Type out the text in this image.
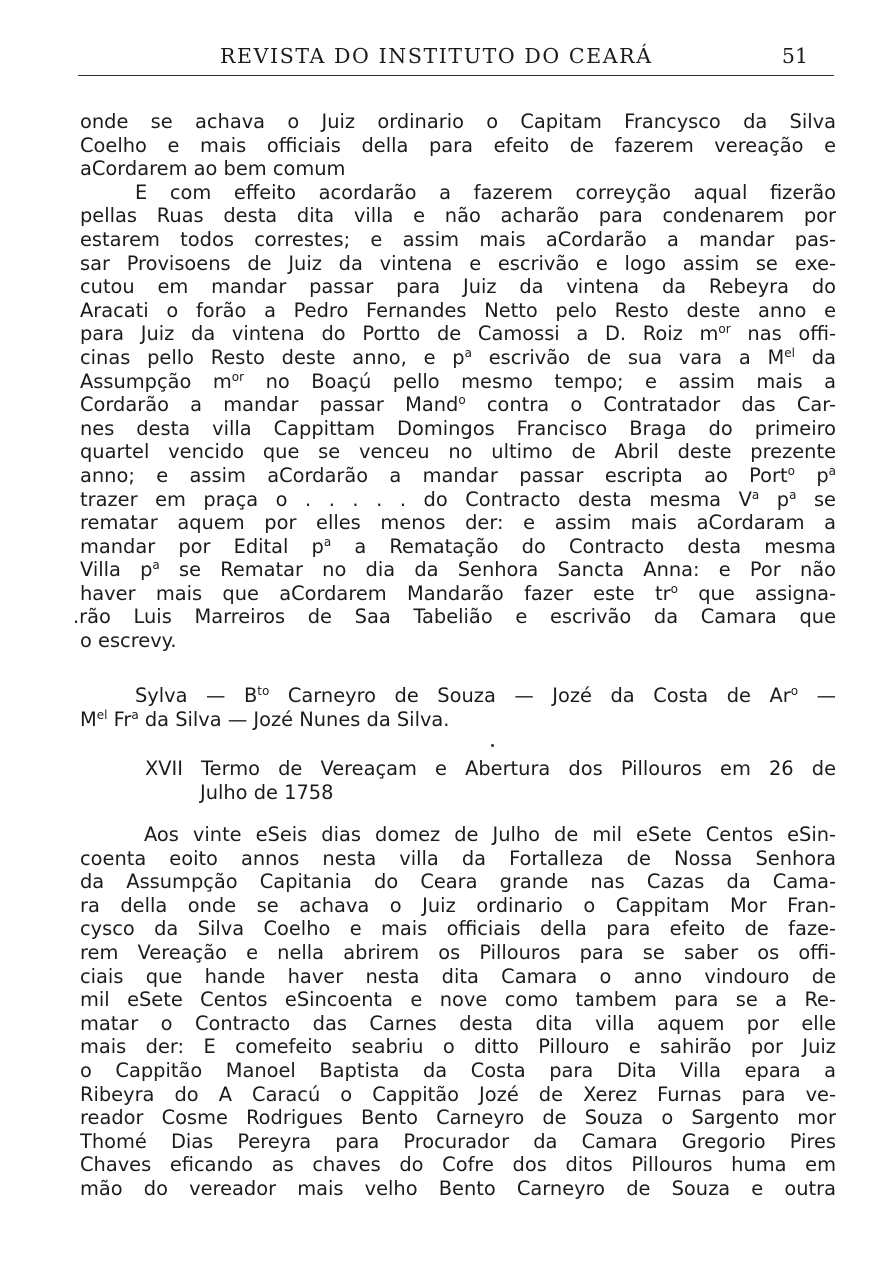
REVISTA DO INSTITUTO DO CEARÁ	51
onde se achava o Juiz ordinario o Capitam Francysco da Silva
Coelho e mais officiais della para efeito de fazerem vereação e
aCordarem ao bem comum
E com effeito acordarão a fazerem correyção aqual fizerão
pellas Ruas desta dita villa e não acharão para condenarem por
estarem todos correstes; e assim mais aCordarão a mandar pas-
sar Provisoens de Juiz da vintena e escrivão e logo assim se exe-
cutou em mandar passar para Juiz da vintena da Rebeyra do
Aracati o forão a Pedro Fernandes Netto pelo Resto deste anno e
para Juiz da vintena do Portto de Camossi a D. Roiz $m^{or}$ nas offi-
cinas pello Resto deste anno, e $p^a$ escrivão de sua vara a $M^{el}$ da
Assumpção $m^{or}$ no Boaçú pello mesmo tempo; e assim mais a
Cordarão a mandar passar Mand$^o$ contra o Contratador das Car-
nes desta villa Cappittam Domingos Francisco Braga do primeiro
quartel vencido que se venceu no ultimo de Abril deste prezente
anno; e assim aCordarão a mandar passar escripta ao Port$^o$ $p^a$
trazer em praça o . . . . . do Contracto desta mesma $V^a$ $p^a$ se
rematar aquem por elles menos der: e assim mais aCordaram a
mandar por Edital $p^a$ a Rematação do Contracto desta mesma
Villa $p^a$ se Rematar no dia da Senhora Sancta Anna: e Por não
haver mais que aCordarem Mandarão fazer este $tr^o$ que assigna-
.rão Luis Marreiros de Saa Tabelião e escrivão da Camara que
o escrevy.
Sylva — $B^{to}$ Carneyro de Souza — Jozé da Costa de Ar$^o$ —
$M^{el}$ Fr$^a$ da Silva — Jozé Nunes da Silva.
XVII Termo de Vereaçam e Abertura dos Pillouros em 26 de
Julho de 1758
Aos vinte eSeis dias domez de Julho de mil eSete Centos eSin-
coenta eoito annos nesta villa da Fortalleza de Nossa Senhora
da Assumpção Capitania do Ceara grande nas Cazas da Cama-
ra della onde se achava o Juiz ordinario o Cappitam Mor Fran-
cysco da Silva Coelho e mais officiais della para efeito de faze-
rem Vereação e nella abrirem os Pillouros para se saber os offi-
ciais que hande haver nesta dita Camara o anno vindouro de
mil eSete Centos eSincoenta e nove como tambem para se a Re-
matar o Contracto das Carnes desta dita villa aquem por elle
mais der: E comefeito seabriu o ditto Pillouro e sahirão por Juiz
o Cappitão Manoel Baptista da Costa para Dita Villa epara a
Ribeyra do A Caracú o Cappitão Jozé de Xerez Furnas para ve-
reador Cosme Rodrigues Bento Carneyro de Souza o Sargento mor
Thomé Dias Pereyra para Procurador da Camara Gregorio Pires
Chaves eficando as chaves do Cofre dos ditos Pillouros huma em
mão do vereador mais velho Bento Carneyro de Souza e outra
